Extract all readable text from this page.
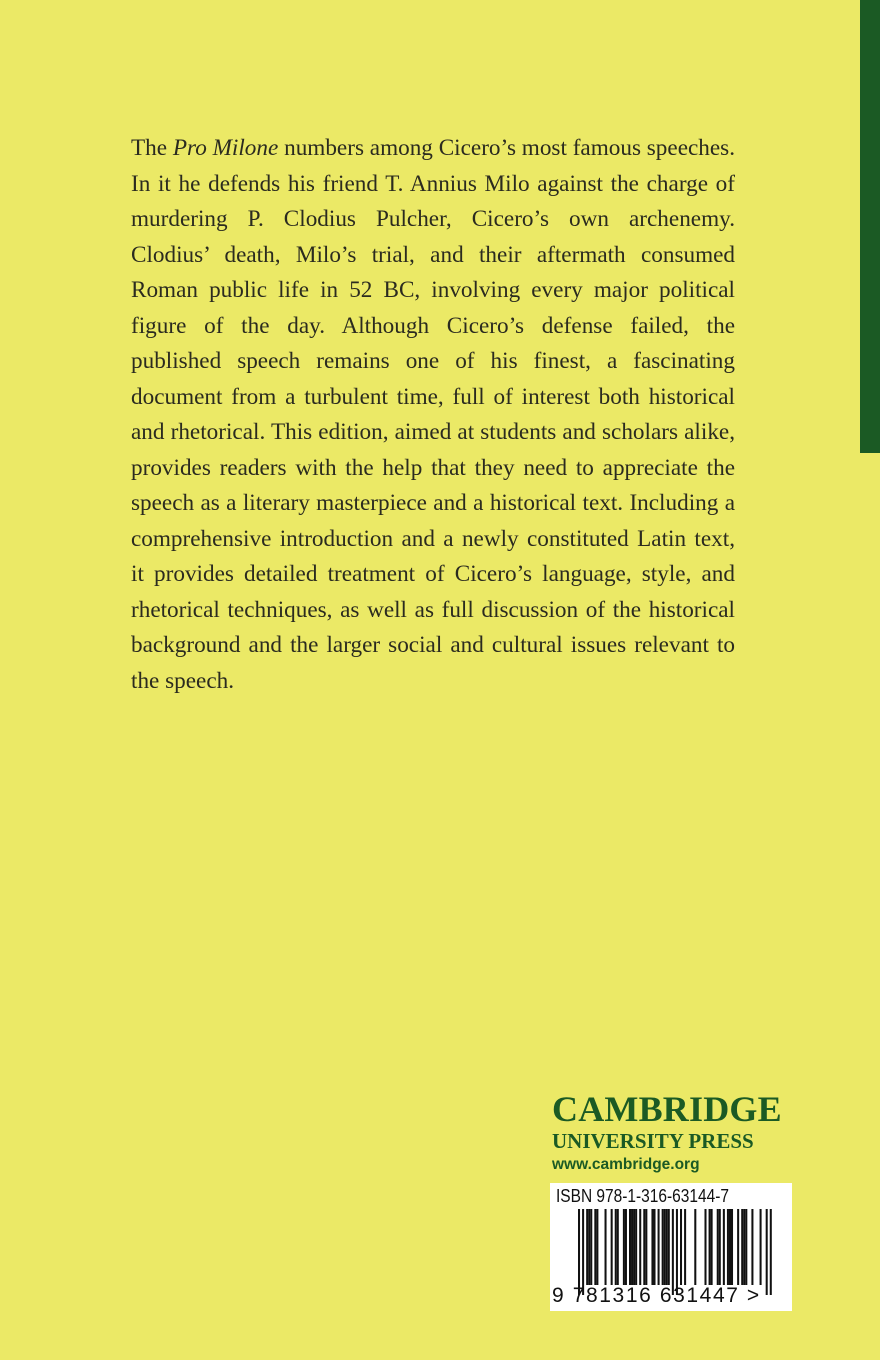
The Pro Milone numbers among Cicero’s most famous speeches. In it he defends his friend T. Annius Milo against the charge of murdering P. Clodius Pulcher, Cicero’s own archenemy. Clodius’ death, Milo’s trial, and their aftermath consumed Roman public life in 52 BC, involving every major political figure of the day. Although Cicero’s defense failed, the published speech remains one of his finest, a fascinating document from a turbulent time, full of interest both historical and rhetorical. This edition, aimed at students and scholars alike, provides readers with the help that they need to appreciate the speech as a literary masterpiece and a historical text. Including a comprehensive introduction and a newly constituted Latin text, it provides detailed treatment of Cicero’s language, style, and rhetorical techniques, as well as full discussion of the historical background and the larger social and cultural issues relevant to the speech.

CAMBRIDGE
UNIVERSITY PRESS
www.cambridge.org
ISBN 978-1-316-63144-7
9 781316 631447 >
